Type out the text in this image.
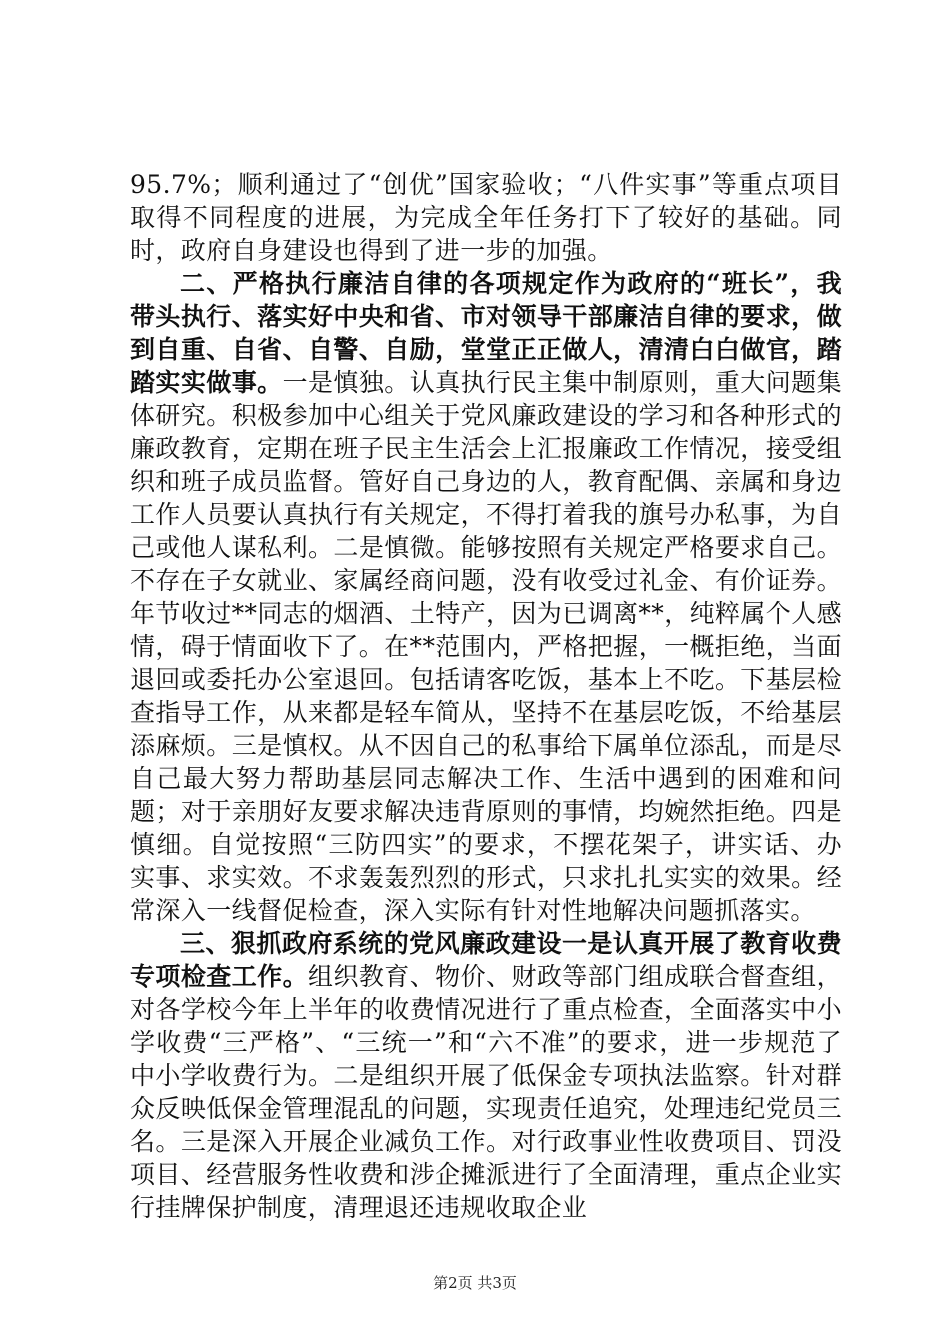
95.7%；顺利通过了“创优”国家验收；“八件实事”等重点项目取得不同程度的进展，为完成全年任务打下了较好的基础。同时，政府自身建设也得到了进一步的加强。

二、严格执行廉洁自律的各项规定作为政府的“班长”，我带头执行、落实好中央和省、市对领导干部廉洁自律的要求，做到自重、自省、自警、自励，堂堂正正做人，清清白白做官，踏踏实实做事。一是慎独。认真执行民主集中制原则，重大问题集体研究。积极参加中心组关于党风廉政建设的学习和各种形式的廉政教育，定期在班子民主生活会上汇报廉政工作情况，接受组织和班子成员监督。管好自己身边的人，教育配偶、亲属和身边工作人员要认真执行有关规定，不得打着我的旗号办私事，为自己或他人谋私利。二是慎微。能够按照有关规定严格要求自己。不存在子女就业、家属经商问题，没有收受过礼金、有价证券。年节收过**同志的烟酒、土特产，因为已调离**，纯粹属个人感情，碍于情面收下了。在**范围内，严格把握，一概拒绝，当面退回或委托办公室退回。包括请客吃饭，基本上不吃。下基层检查指导工作，从来都是轻车简从，坚持不在基层吃饭，不给基层添麻烦。三是慎权。从不因自己的私事给下属单位添乱，而是尽自己最大努力帮助基层同志解决工作、生活中遇到的困难和问题；对于亲朋好友要求解决违背原则的事情，均婉然拒绝。四是慎细。自觉按照“三防四实”的要求，不摆花架子，讲实话、办实事、求实效。不求轰轰烈烈的形式，只求扎扎实实的效果。经常深入一线督促检查，深入实际有针对性地解决问题抓落实。

三、狠抓政府系统的党风廉政建设一是认真开展了教育收费专项检查工作。组织教育、物价、财政等部门组成联合督查组，对各学校今年上半年的收费情况进行了重点检查，全面落实中小学收费“三严格”、“三统一”和“六不准”的要求，进一步规范了中小学收费行为。二是组织开展了低保金专项执法监察。针对群众反映低保金管理混乱的问题，实现责任追究，处理违纪党员三名。三是深入开展企业减负工作。对行政事业性收费项目、罚没项目、经营服务性收费和涉企摊派进行了全面清理，重点企业实行挂牌保护制度，清理退还违规收取企业

第2页 共3页
